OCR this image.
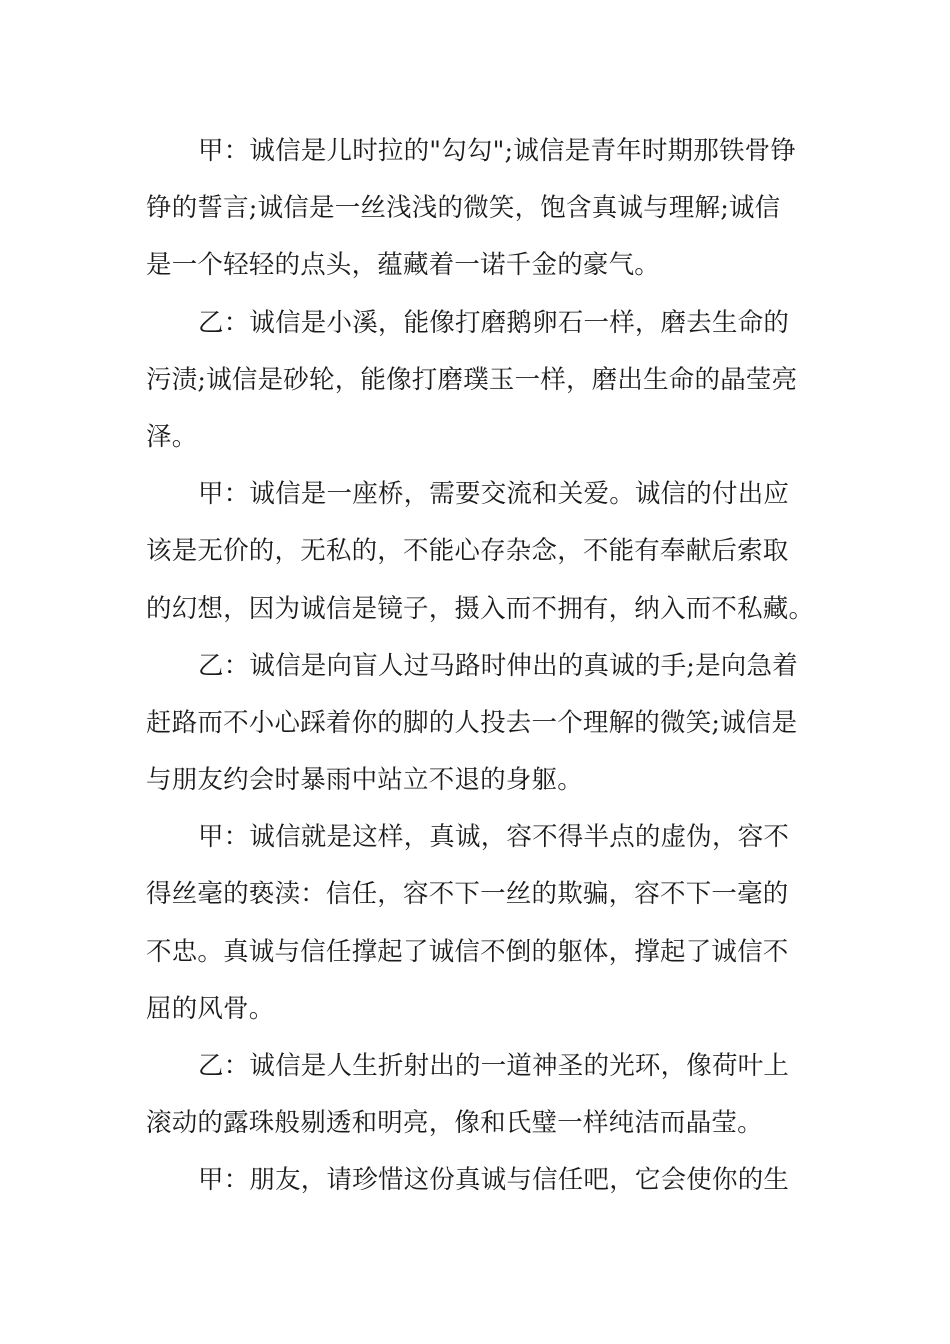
甲：诚信是儿时拉的"勾勾";诚信是青年时期那铁骨铮
铮的誓言;诚信是一丝浅浅的微笑，饱含真诚与理解;诚信
是一个轻轻的点头，蕴藏着一诺千金的豪气。
乙：诚信是小溪，能像打磨鹅卵石一样，磨去生命的
污渍;诚信是砂轮，能像打磨璞玉一样，磨出生命的晶莹亮
泽。
甲：诚信是一座桥，需要交流和关爱。诚信的付出应
该是无价的，无私的，不能心存杂念，不能有奉献后索取
的幻想，因为诚信是镜子，摄入而不拥有，纳入而不私藏。
乙：诚信是向盲人过马路时伸出的真诚的手;是向急着
赶路而不小心踩着你的脚的人投去一个理解的微笑;诚信是
与朋友约会时暴雨中站立不退的身躯。
甲：诚信就是这样，真诚，容不得半点的虚伪，容不
得丝毫的亵渎：信任，容不下一丝的欺骗，容不下一毫的
不忠。真诚与信任撑起了诚信不倒的躯体，撑起了诚信不
屈的风骨。
乙：诚信是人生折射出的一道神圣的光环，像荷叶上
滚动的露珠般剔透和明亮，像和氏璧一样纯洁而晶莹。
甲：朋友，请珍惜这份真诚与信任吧，它会使你的生
